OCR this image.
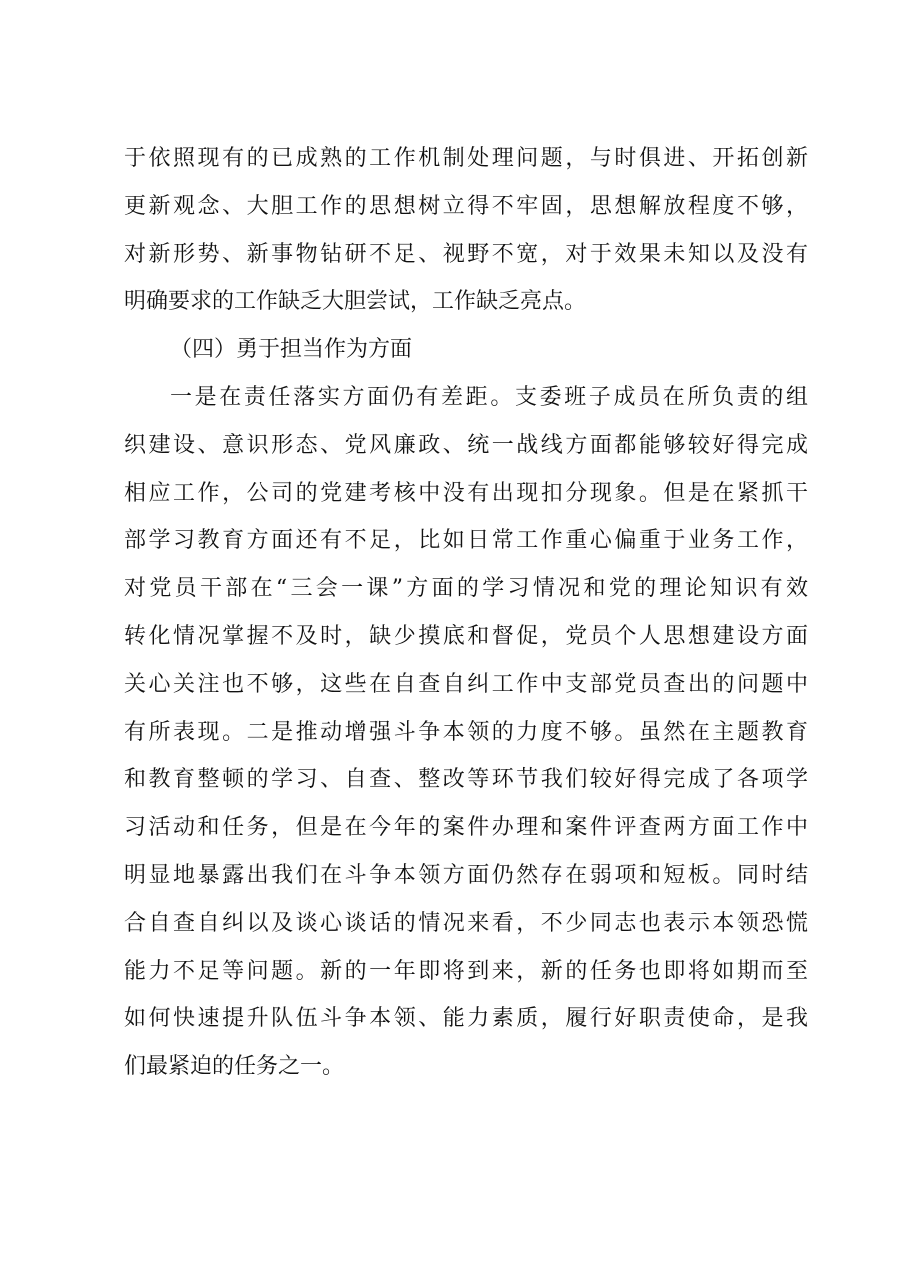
于依照现有的已成熟的工作机制处理问题，与时俱进、开拓创新
更新观念、大胆工作的思想树立得不牢固，思想解放程度不够，
对新形势、新事物钻研不足、视野不宽，对于效果未知以及没有
明确要求的工作缺乏大胆尝试，工作缺乏亮点。
（四）勇于担当作为方面
一是在责任落实方面仍有差距。支委班子成员在所负责的组
织建设、意识形态、党风廉政、统一战线方面都能够较好得完成
相应工作，公司的党建考核中没有出现扣分现象。但是在紧抓干
部学习教育方面还有不足，比如日常工作重心偏重于业务工作，
对党员干部在“三会一课”方面的学习情况和党的理论知识有效
转化情况掌握不及时，缺少摸底和督促，党员个人思想建设方面
关心关注也不够，这些在自查自纠工作中支部党员查出的问题中
有所表现。二是推动增强斗争本领的力度不够。虽然在主题教育
和教育整顿的学习、自查、整改等环节我们较好得完成了各项学
习活动和任务，但是在今年的案件办理和案件评查两方面工作中
明显地暴露出我们在斗争本领方面仍然存在弱项和短板。同时结
合自查自纠以及谈心谈话的情况来看，不少同志也表示本领恐慌
能力不足等问题。新的一年即将到来，新的任务也即将如期而至
如何快速提升队伍斗争本领、能力素质，履行好职责使命，是我
们最紧迫的任务之一。
